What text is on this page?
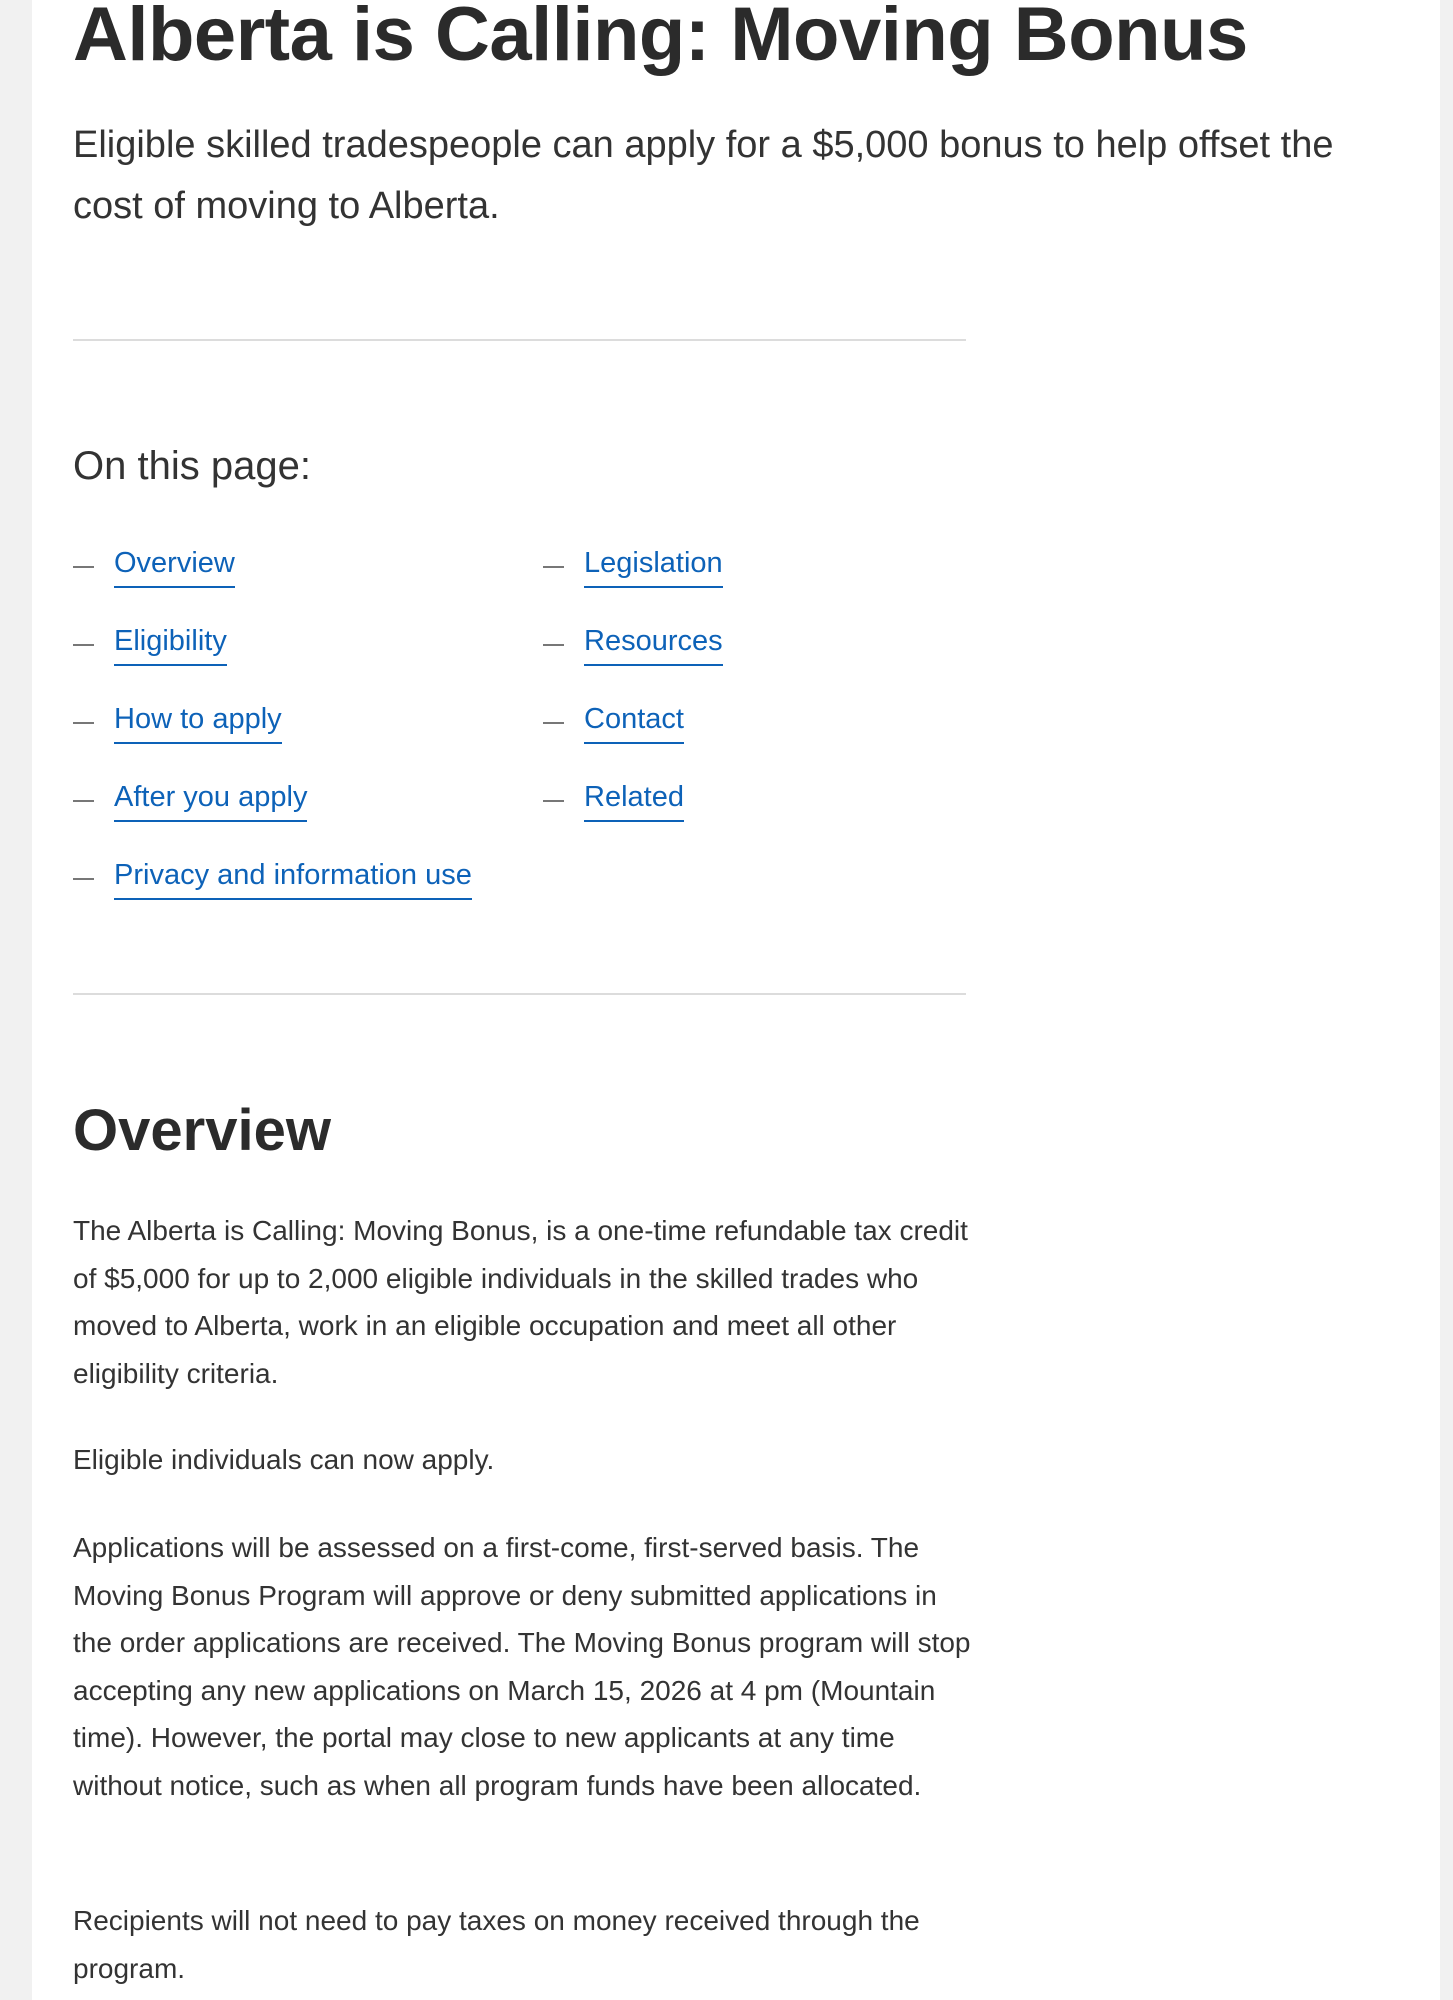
Alberta is Calling: Moving Bonus

Eligible skilled tradespeople can apply for a $5,000 bonus to help offset the cost of moving to Alberta.

On this page:
Overview
Eligibility
How to apply
After you apply
Privacy and information use
Legislation
Resources
Contact
Related
Overview

The Alberta is Calling: Moving Bonus, is a one-time refundable tax credit of $5,000 for up to 2,000 eligible individuals in the skilled trades who moved to Alberta, work in an eligible occupation and meet all other eligibility criteria.

Eligible individuals can now apply.

Applications will be assessed on a first-come, first-served basis. The Moving Bonus Program will approve or deny submitted applications in the order applications are received. The Moving Bonus program will stop accepting any new applications on March 15, 2026 at 4 pm (Mountain time). However, the portal may close to new applicants at any time without notice, such as when all program funds have been allocated.

Recipients will not need to pay taxes on money received through the program.
